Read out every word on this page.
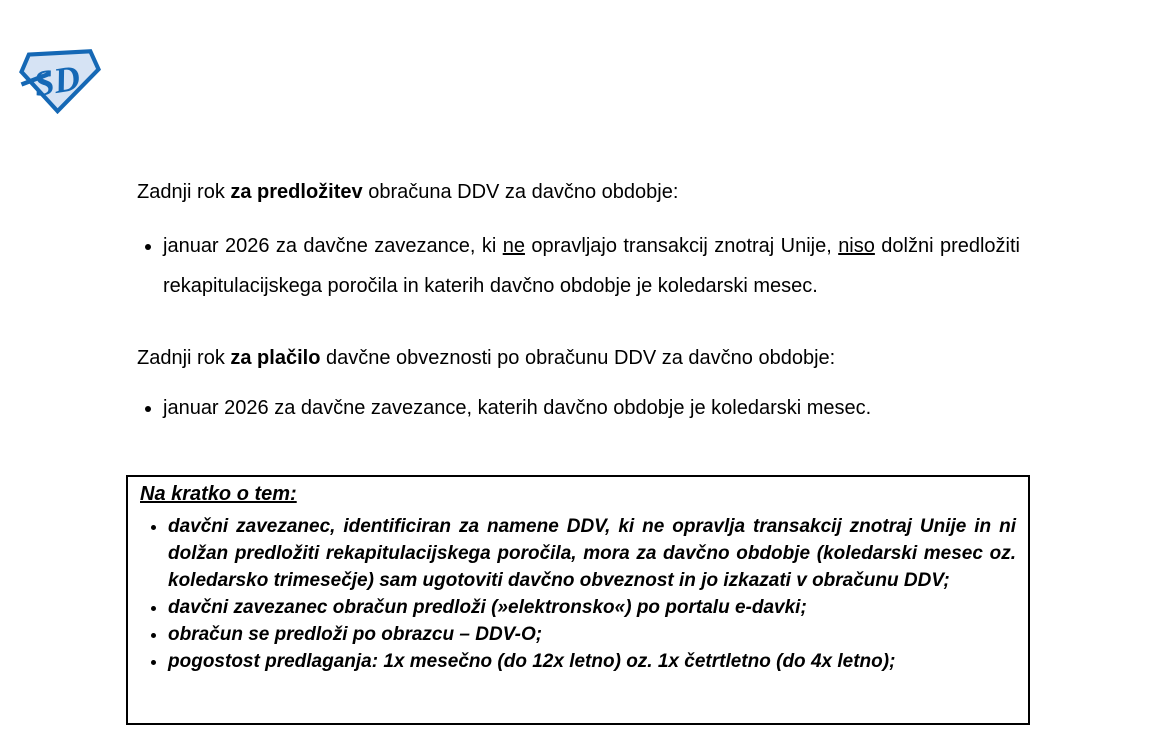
SD
Zadnji rok za predložitev obračuna DDV za davčno obdobje:
• januar 2026 za davčne zavezance, ki ne opravljajo transakcij znotraj Unije, niso dolžni predložiti rekapitulacijskega poročila in katerih davčno obdobje je koledarski mesec.
Zadnji rok za plačilo davčne obveznosti po obračunu DDV za davčno obdobje:
• januar 2026 za davčne zavezance, katerih davčno obdobje je koledarski mesec.
Na kratko o tem:
• davčni zavezanec, identificiran za namene DDV, ki ne opravlja transakcij znotraj Unije in ni dolžan predložiti rekapitulacijskega poročila, mora za davčno obdobje (koledarski mesec oz. koledarsko trimesečje) sam ugotoviti davčno obveznost in jo izkazati v obračunu DDV;
• davčni zavezanec obračun predloži (»elektronsko«) po portalu e-davki;
• obračun se predloži po obrazcu – DDV-O;
• pogostost predlaganja: 1x mesečno (do 12x letno) oz. 1x četrtletno (do 4x letno);
